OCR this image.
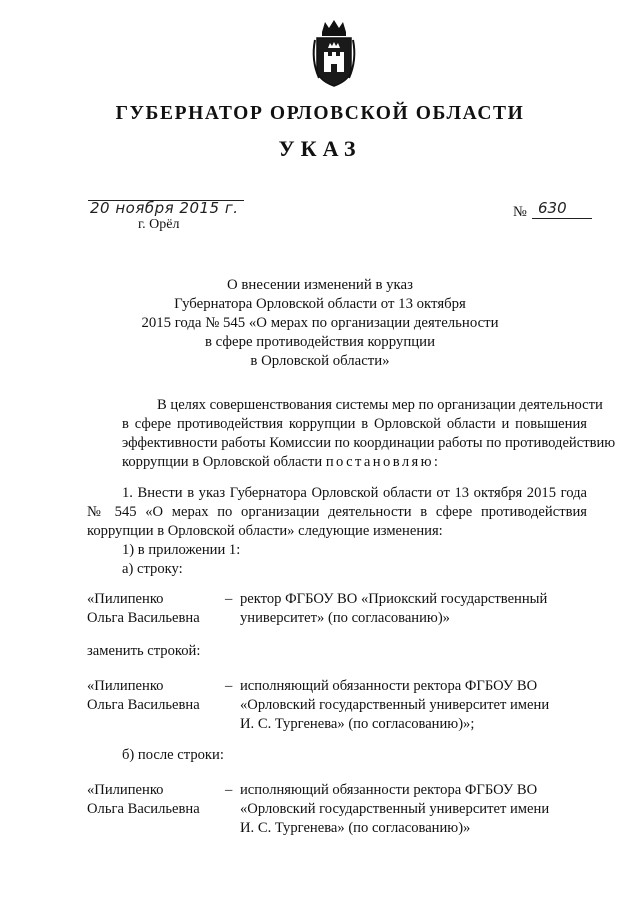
ГУБЕРНАТОР ОРЛОВСКОЙ ОБЛАСТИ
УКАЗ
20 ноября 2015 г.
г. Орёл
№ 630
О внесении изменений в указ
Губернатора Орловской области от 13 октября
2015 года № 545 «О мерах по организации деятельности
в сфере противодействия коррупции
в Орловской области»
В целях совершенствования системы мер по организации деятельности
в сфере противодействия коррупции в Орловской области и повышения
эффективности работы Комиссии по координации работы по противодействию
коррупции в Орловской области постановляю:
1. Внести в указ Губернатора Орловской области от 13 октября 2015 года
№ 545 «О мерах по организации деятельности в сфере противодействия
коррупции в Орловской области» следующие изменения:
1) в приложении 1:
а) строку:
«Пилипенко
Ольга Васильевна
– ректор ФГБОУ ВО «Приокский государственный
университет» (по согласованию)»
заменить строкой:
«Пилипенко
Ольга Васильевна
– исполняющий обязанности ректора ФГБОУ ВО
«Орловский государственный университет имени
И. С. Тургенева» (по согласованию)»;
б) после строки:
«Пилипенко
Ольга Васильевна
– исполняющий обязанности ректора ФГБОУ ВО
«Орловский государственный университет имени
И. С. Тургенева» (по согласованию)»
